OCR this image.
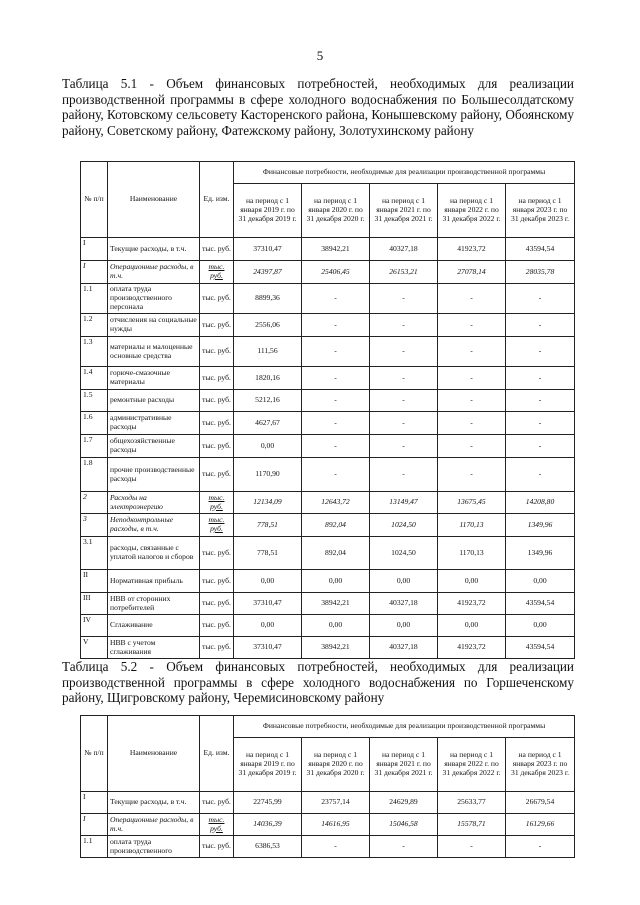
5
Таблица 5.1 - Объем финансовых потребностей, необходимых для реализации производственной программы в сфере холодного водоснабжения по Большесолдатскому району, Котовскому сельсовету Касторенского района, Конышевскому району, Обоянскому району, Советскому району, Фатежскому району, Золотухинскому району
№ п/п	Наименование	Ед. изм.	Финансовые потребности, необходимые для реализации производственной программы				
			на период с 1 января 2019 г. по 31 декабря 2019 г.	на период с 1 января 2020 г. по 31 декабря 2020 г.	на период с 1 января 2021 г. по 31 декабря 2021 г.	на период с 1 января 2022 г. по 31 декабря 2022 г.	на период с 1 января 2023 г. по 31 декабря 2023 г.
I	Текущие расходы, в т.ч.	тыс. руб.	37310,47	38942,21	40327,18	41923,72	43594,54
I	Операционные расходы, в т.ч.	тыс. руб.	24397,87	25406,45	26153,21	27078,14	28035,78
1.1	оплата труда производственного персонала	тыс. руб.	8899,36	-	-	-	-
1.2	отчисления на социальные нужды	тыс. руб.	2556,06	-	-	-	-
1.3	материалы и малоценные основные средства	тыс. руб.	111,56	-	-	-	-
1.4	горюче-смазочные материалы	тыс. руб.	1820,16	-	-	-	-
1.5	ремонтные расходы	тыс. руб.	5212,16	-	-	-	-
1.6	административные расходы	тыс. руб.	4627,67	-	-	-	-
1.7	общехозяйственные расходы	тыс. руб.	0,00	-	-	-	-
1.8	прочие производственные расходы	тыс. руб.	1170,90	-	-	-	-
2	Расходы на электроэнергию	тыс. руб.	12134,09	12643,72	13149,47	13675,45	14208,80
3	Неподконтрольные расходы, в т.ч.	тыс. руб.	778,51	892,04	1024,50	1170,13	1349,96
3.1	расходы, связанные с уплатой налогов и сборов	тыс. руб.	778,51	892,04	1024,50	1170,13	1349,96
II	Нормативная прибыль	тыс. руб.	0,00	0,00	0,00	0,00	0,00
III	НВВ от сторонних потребителей	тыс. руб.	37310,47	38942,21	40327,18	41923,72	43594,54
IV	Сглаживание	тыс. руб.	0,00	0,00	0,00	0,00	0,00
V	НВВ с учетом сглаживания	тыс. руб.	37310,47	38942,21	40327,18	41923,72	43594,54
Таблица 5.2 - Объем финансовых потребностей, необходимых для реализации производственной программы в сфере холодного водоснабжения по Горшеченскому району, Щигровскому району, Черемисиновскому району
№ п/п	Наименование	Ед. изм.	Финансовые потребности, необходимые для реализации производственной программы				
			на период с 1 января 2019 г. по 31 декабря 2019 г.	на период с 1 января 2020 г. по 31 декабря 2020 г.	на период с 1 января 2021 г. по 31 декабря 2021 г.	на период с 1 января 2022 г. по 31 декабря 2022 г.	на период с 1 января 2023 г. по 31 декабря 2023 г.
I	Текущие расходы, в т.ч.	тыс. руб.	22745,99	23757,14	24629,89	25633,77	26679,54
I	Операционные расходы, в т.ч.	тыс. руб.	14036,39	14616,95	15046,58	15578,71	16129,66
1.1	оплата труда производственного	тыс. руб.	6386,53	-	-	-	-
